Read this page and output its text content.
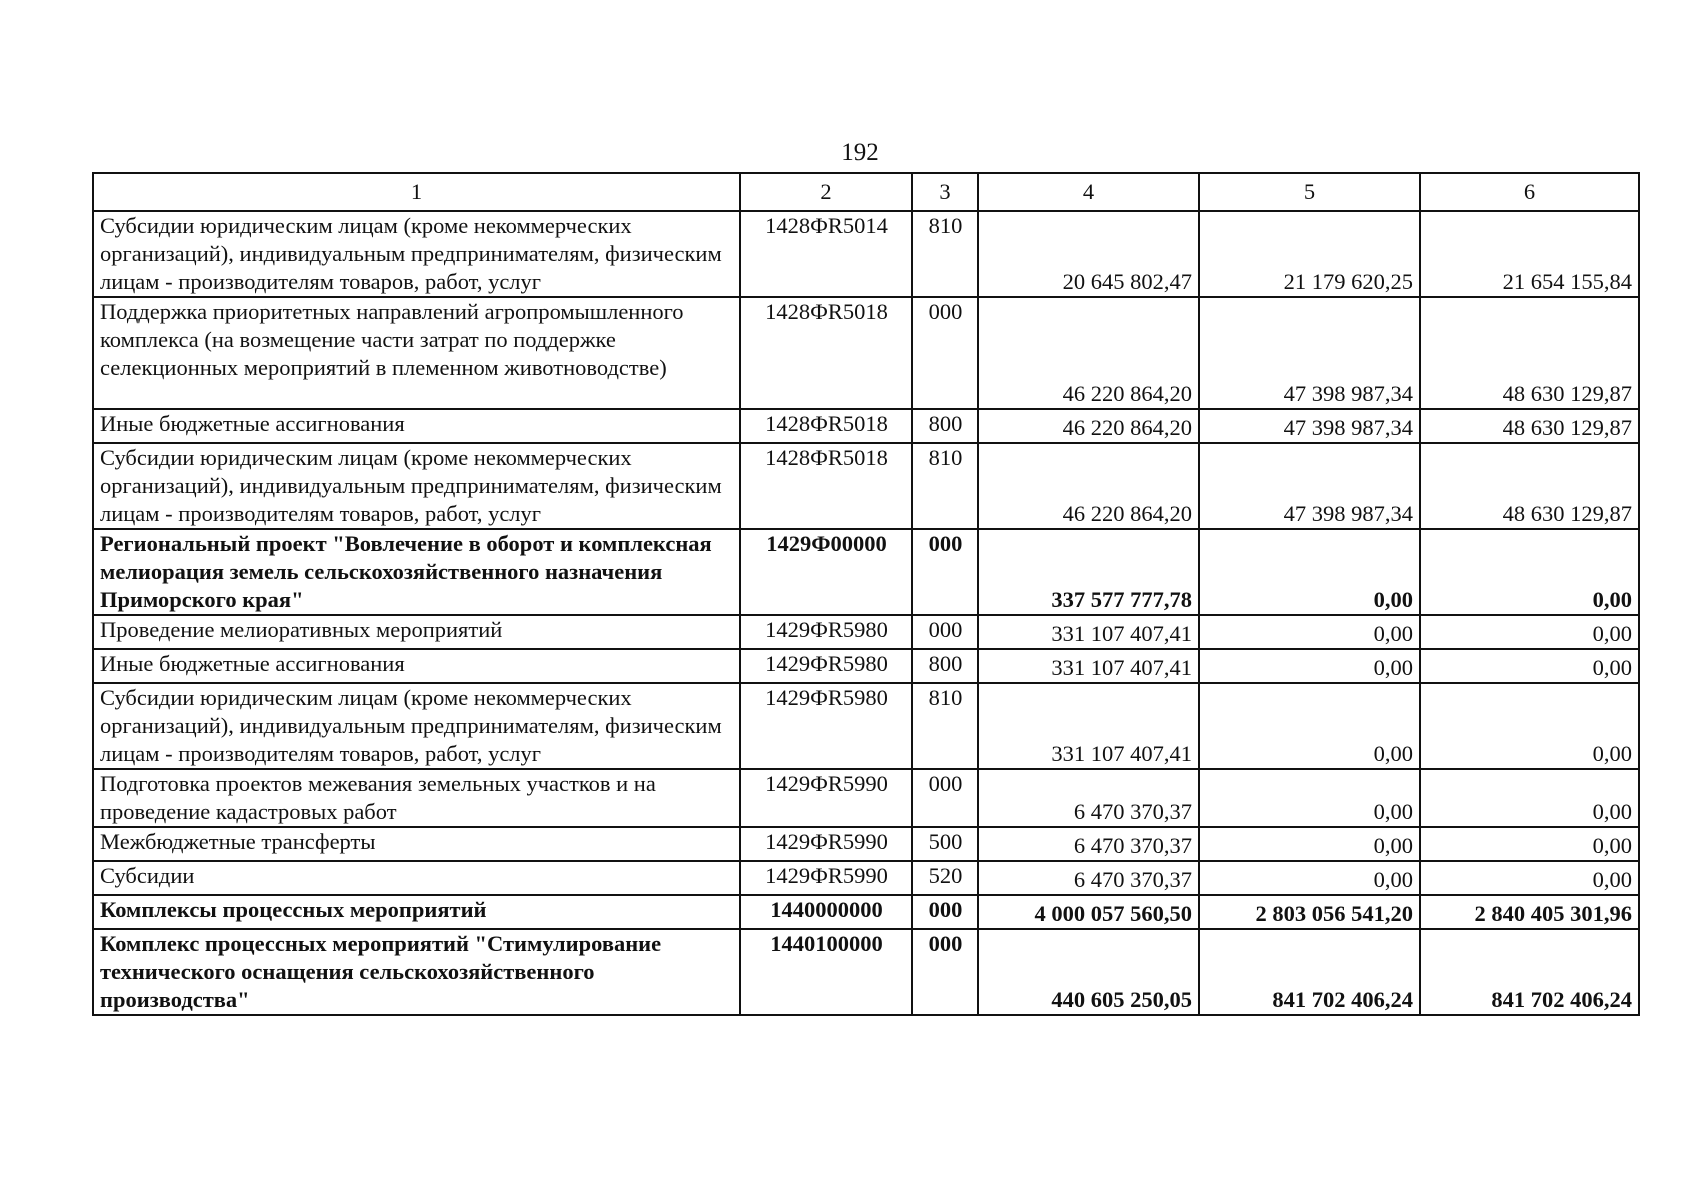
192
1	2	3	4	5	6
Субсидии юридическим лицам (кроме некоммерческих организаций), индивидуальным предпринимателям, физическим лицам - производителям товаров, работ, услуг	1428ФR5014	810	20 645 802,47	21 179 620,25	21 654 155,84
Поддержка приоритетных направлений агропромышленного комплекса (на возмещение части затрат по поддержке селекционных мероприятий в племенном животноводстве)	1428ФR5018	000	46 220 864,20	47 398 987,34	48 630 129,87
Иные бюджетные ассигнования	1428ФR5018	800	46 220 864,20	47 398 987,34	48 630 129,87
Субсидии юридическим лицам (кроме некоммерческих организаций), индивидуальным предпринимателям, физическим лицам - производителям товаров, работ, услуг	1428ФR5018	810	46 220 864,20	47 398 987,34	48 630 129,87
Региональный проект "Вовлечение в оборот и комплексная мелиорация земель сельскохозяйственного назначения Приморского края"	1429Ф00000	000	337 577 777,78	0,00	0,00
Проведение мелиоративных мероприятий	1429ФR5980	000	331 107 407,41	0,00	0,00
Иные бюджетные ассигнования	1429ФR5980	800	331 107 407,41	0,00	0,00
Субсидии юридическим лицам (кроме некоммерческих организаций), индивидуальным предпринимателям, физическим лицам - производителям товаров, работ, услуг	1429ФR5980	810	331 107 407,41	0,00	0,00
Подготовка проектов межевания земельных участков и на проведение кадастровых работ	1429ФR5990	000	6 470 370,37	0,00	0,00
Межбюджетные трансферты	1429ФR5990	500	6 470 370,37	0,00	0,00
Субсидии	1429ФR5990	520	6 470 370,37	0,00	0,00
Комплексы процессных мероприятий	1440000000	000	4 000 057 560,50	2 803 056 541,20	2 840 405 301,96
Комплекс процессных мероприятий "Стимулирование технического оснащения сельскохозяйственного производства"	1440100000	000	440 605 250,05	841 702 406,24	841 702 406,24
